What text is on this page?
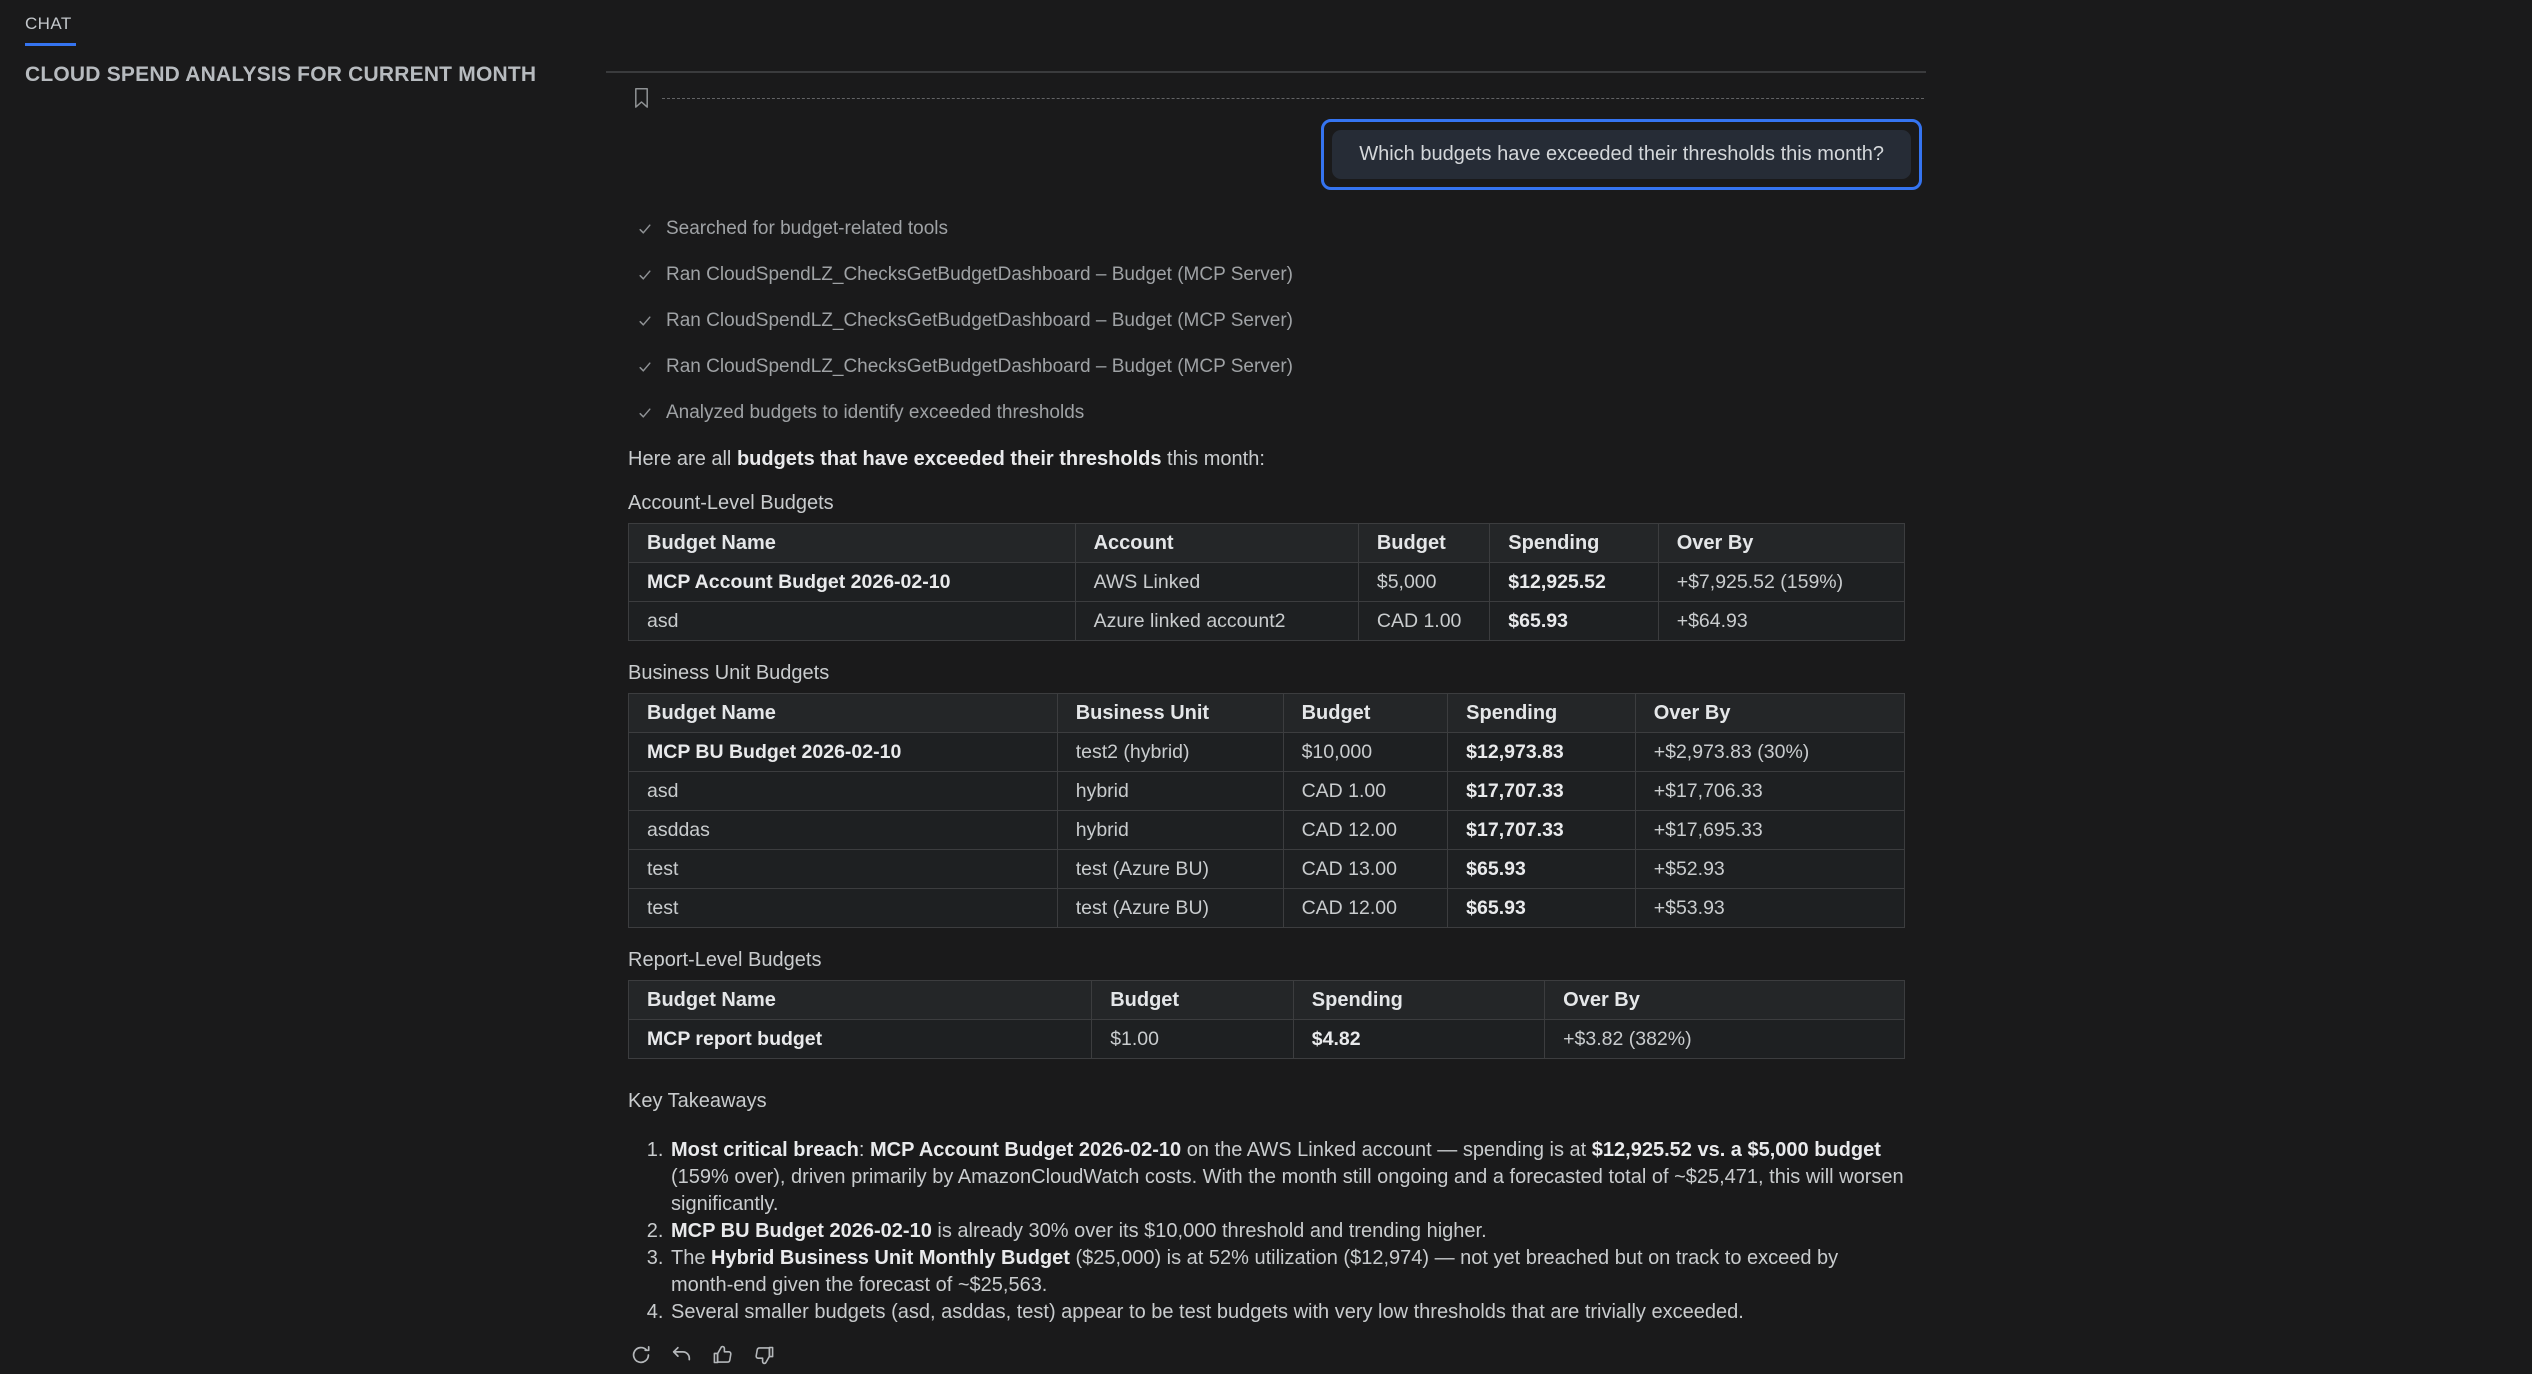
CHAT
CLOUD SPEND ANALYSIS FOR CURRENT MONTH
Which budgets have exceeded their thresholds this month?
Searched for budget-related tools
Ran CloudSpendLZ_ChecksGetBudgetDashboard – Budget (MCP Server)
Ran CloudSpendLZ_ChecksGetBudgetDashboard – Budget (MCP Server)
Ran CloudSpendLZ_ChecksGetBudgetDashboard – Budget (MCP Server)
Analyzed budgets to identify exceeded thresholds

Here are all budgets that have exceeded their thresholds this month:

Account-Level Budgets

Budget Name	Account	Budget	Spending	Over By
MCP Account Budget 2026-02-10	AWS Linked	$5,000	$12,925.52	+$7,925.52 (159%)
asd	Azure linked account2	CAD 1.00	$65.93	+$64.93

Business Unit Budgets

Budget Name	Business Unit	Budget	Spending	Over By
MCP BU Budget 2026-02-10	test2 (hybrid)	$10,000	$12,973.83	+$2,973.83 (30%)
asd	hybrid	CAD 1.00	$17,707.33	+$17,706.33
asddas	hybrid	CAD 12.00	$17,707.33	+$17,695.33
test	test (Azure BU)	CAD 13.00	$65.93	+$52.93
test	test (Azure BU)	CAD 12.00	$65.93	+$53.93

Report-Level Budgets

Budget Name	Budget	Spending	Over By
MCP report budget	$1.00	$4.82	+$3.82 (382%)

Key Takeaways

1. Most critical breach: MCP Account Budget 2026-02-10 on the AWS Linked account — spending is at $12,925.52 vs. a $5,000 budget (159% over), driven primarily by AmazonCloudWatch costs. With the month still ongoing and a forecasted total of ~$25,471, this will worsen significantly.
2. MCP BU Budget 2026-02-10 is already 30% over its $10,000 threshold and trending higher.
3. The Hybrid Business Unit Monthly Budget ($25,000) is at 52% utilization ($12,974) — not yet breached but on track to exceed by month-end given the forecast of ~$25,563.
4. Several smaller budgets (asd, asddas, test) appear to be test budgets with very low thresholds that are trivially exceeded.
